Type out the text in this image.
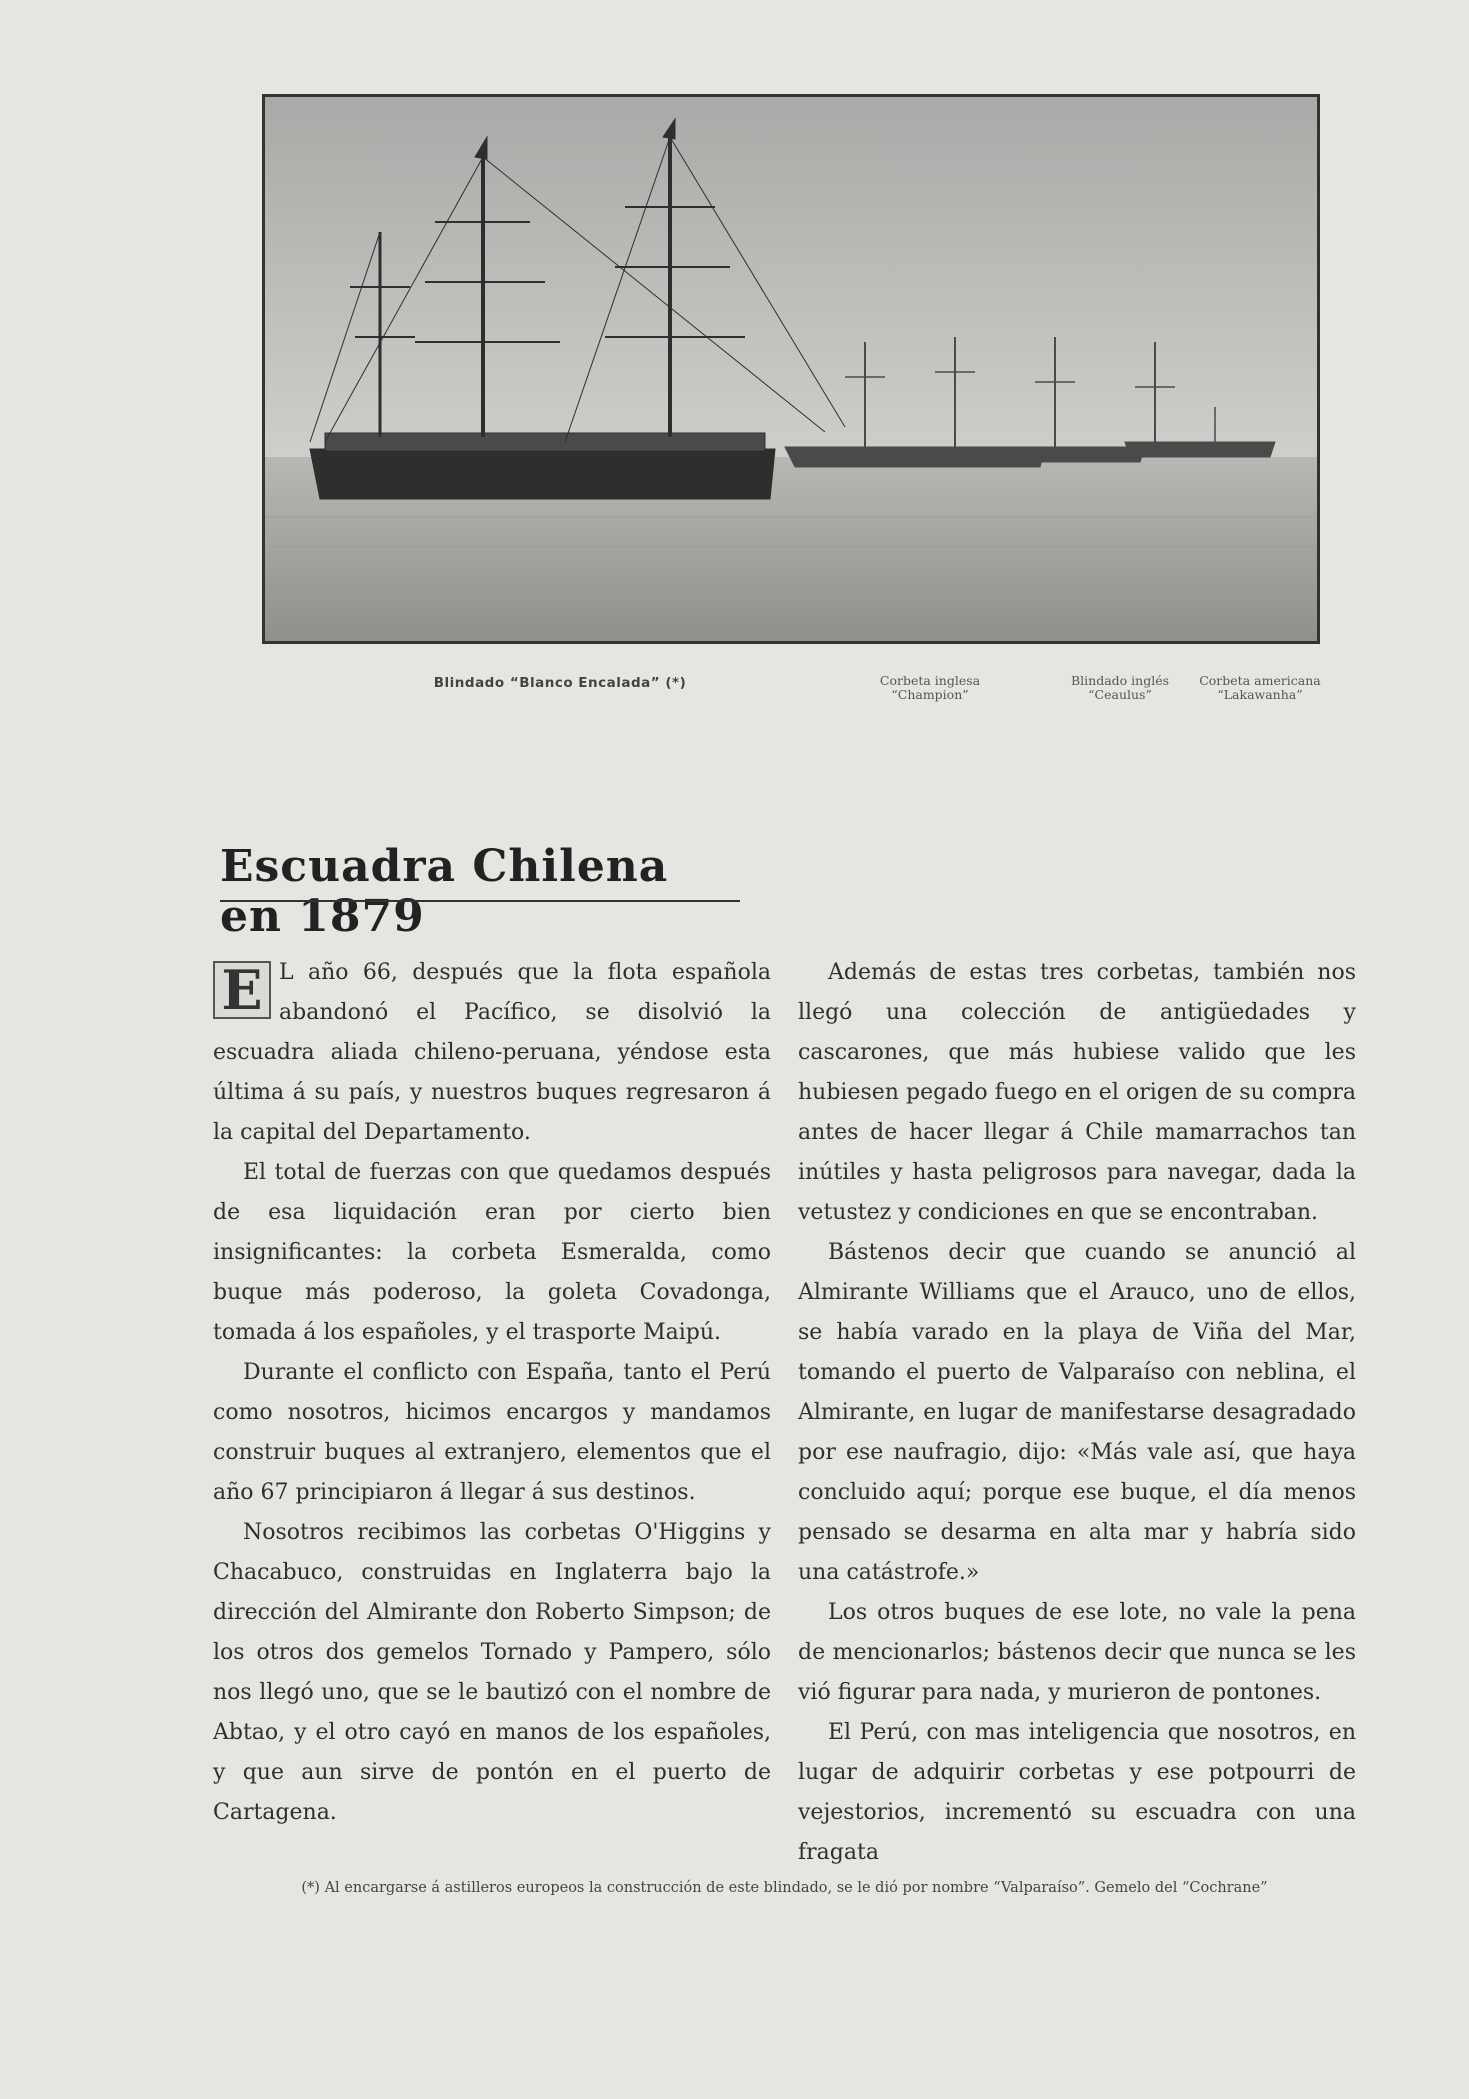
Blindado “Blanco Encalada” (*)	Corbeta inglesa
“Champion”
Blindado inglés
“Ceaulus”
Corbeta americana
“Lakawanha”
Escuadra Chilena en 1879

E L año 66, después que la flota española abandonó el Pacífico, se disolvió la escuadra aliada chileno-peruana, yéndose esta última á su país, y nuestros buques regresaron á la capital del Departamento.

El total de fuerzas con que quedamos después de esa liquidación eran por cierto bien insignificantes: la corbeta Esmeralda, como buque más poderoso, la goleta Covadonga, tomada á los españoles, y el trasporte Maipú.

Durante el conflicto con España, tanto el Perú como nosotros, hicimos encargos y mandamos construir buques al extranjero, elementos que el año 67 principiaron á llegar á sus destinos.

Nosotros recibimos las corbetas O'Higgins y Chacabuco, construidas en Inglaterra bajo la dirección del Almirante don Roberto Simpson; de los otros dos gemelos Tornado y Pampero, sólo nos llegó uno, que se le bautizó con el nombre de Abtao, y el otro cayó en manos de los españoles, y que aun sirve de pontón en el puerto de Cartagena.

Además de estas tres corbetas, también nos llegó una colección de antigüedades y cascarones, que más hubiese valido que les hubiesen pegado fuego en el origen de su compra antes de hacer llegar á Chile mamarrachos tan inútiles y hasta peligrosos para navegar, dada la vetustez y condiciones en que se encontraban.

Bástenos decir que cuando se anunció al Almirante Williams que el Arauco, uno de ellos, se había varado en la playa de Viña del Mar, tomando el puerto de Valparaíso con neblina, el Almirante, en lugar de manifestarse desagradado por ese naufragio, dijo: «Más vale así, que haya concluido aquí; porque ese buque, el día menos pensado se desarma en alta mar y habría sido una catástrofe.»

Los otros buques de ese lote, no vale la pena de mencionarlos; bástenos decir que nunca se les vió figurar para nada, y murieron de pontones.

El Perú, con mas inteligencia que nosotros, en lugar de adquirir corbetas y ese potpourri de vejestorios, incrementó su escuadra con una fragata

(*) Al encargarse á astilleros europeos la construcción de este blindado, se le dió por nombre “Valparaíso”. Gemelo del “Cochrane”
